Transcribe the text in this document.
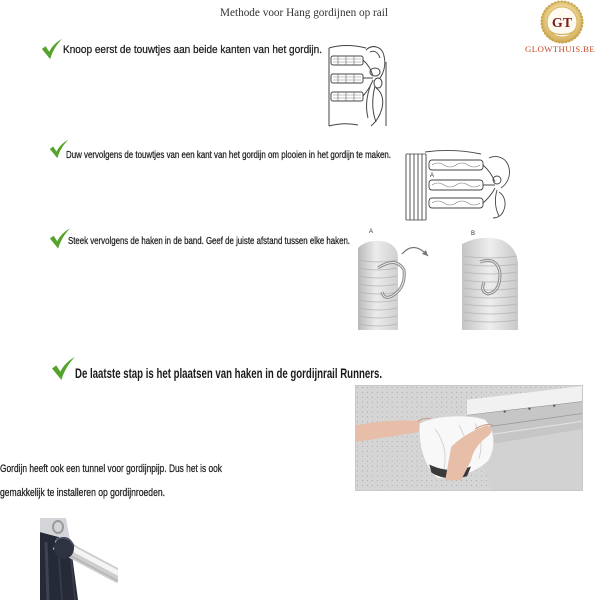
Methode voor Hang gordijnen op rail
GT
GLOWTHUIS.BE
Knoop eerst de touwtjes aan beide kanten van het gordijn.
Duw vervolgens de touwtjes van een kant van het gordijn om plooien in het gordijn te maken.
A
Steek vervolgens de haken in de band. Geef de juiste afstand tussen elke haken.
A	B
De laatste stap is het plaatsen van haken in de gordijnrail Runners.
Gordijn heeft ook een tunnel voor gordijnpijp. Dus het is ook
gemakkelijk te installeren op gordijnroeden.
